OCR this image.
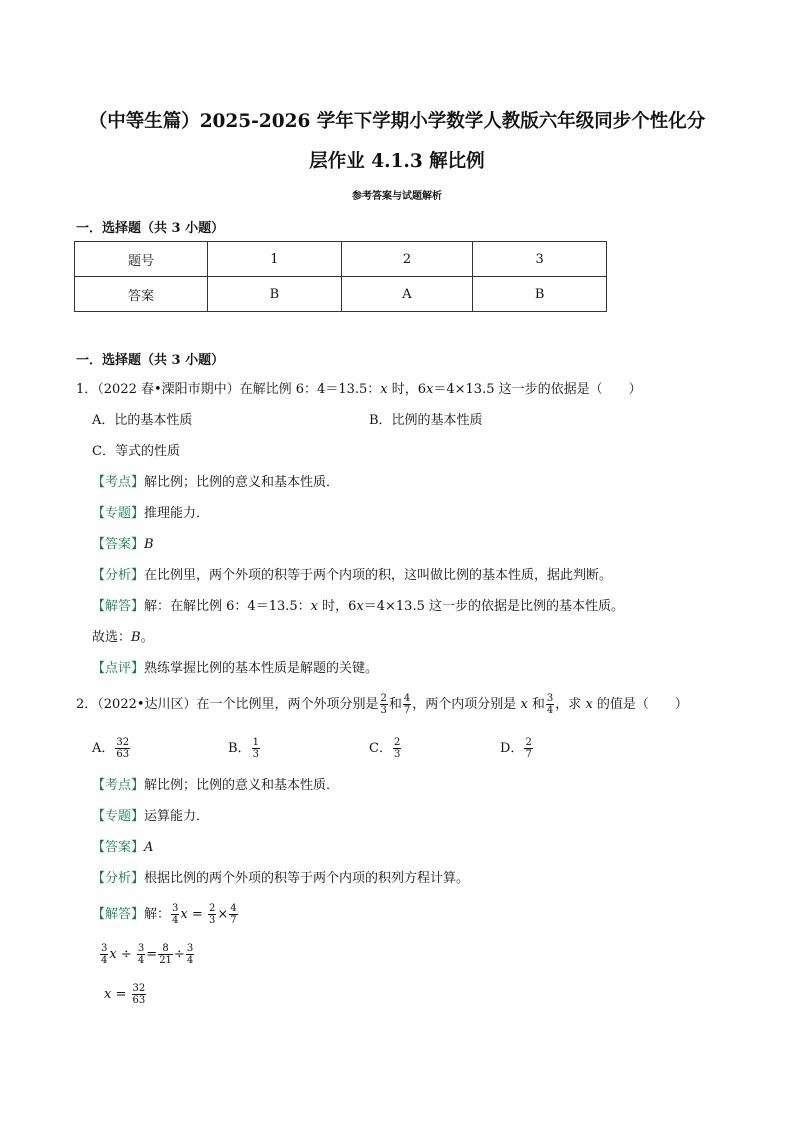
（中等生篇）2025-2026 学年下学期小学数学人教版六年级同步个性化分
层作业 4.1.3 解比例
参考答案与试题解析
一．选择题（共 3 小题）
题号	1	2	3
答案	B	A	B
一．选择题（共 3 小题）
1．（2022 春•溧阳市期中）在解比例 6：4＝13.5：x 时，6x＝4×13.5 这一步的依据是（　　）
A．比的基本性质	B．比例的基本性质
C．等式的性质
【考点】解比例；比例的意义和基本性质．
【专题】推理能力．
【答案】B
【分析】在比例里，两个外项的积等于两个内项的积，这叫做比例的基本性质，据此判断。
【解答】解：在解比例 6：4＝13.5：x 时，6x＝4×13.5 这一步的依据是比例的基本性质。
故选：B。
【点评】熟练掌握比例的基本性质是解题的关键。
2．（2022•达川区）在一个比例里，两个外项分别是 $\frac{2}{3}$ 和 $\frac{4}{7}$ ，两个内项分别是 x 和 $\frac{3}{4}$ ，求 x 的值是（　　）
A． $\frac{32}{63}$	B． $\frac{1}{3}$	C． $\frac{2}{3}$	D． $\frac{2}{7}$
【考点】解比例；比例的意义和基本性质．
【专题】运算能力．
【答案】A
【分析】根据比例的两个外项的积等于两个内项的积列方程计算。
【解答】解： $\frac{3}{4}$ $x = \frac{2}{3} \times \frac{4}{7}$
$\frac{3}{4}$ $x \div \frac{3}{4} = \frac{8}{21} \div \frac{3}{4}$
$x = \frac{32}{63}$
